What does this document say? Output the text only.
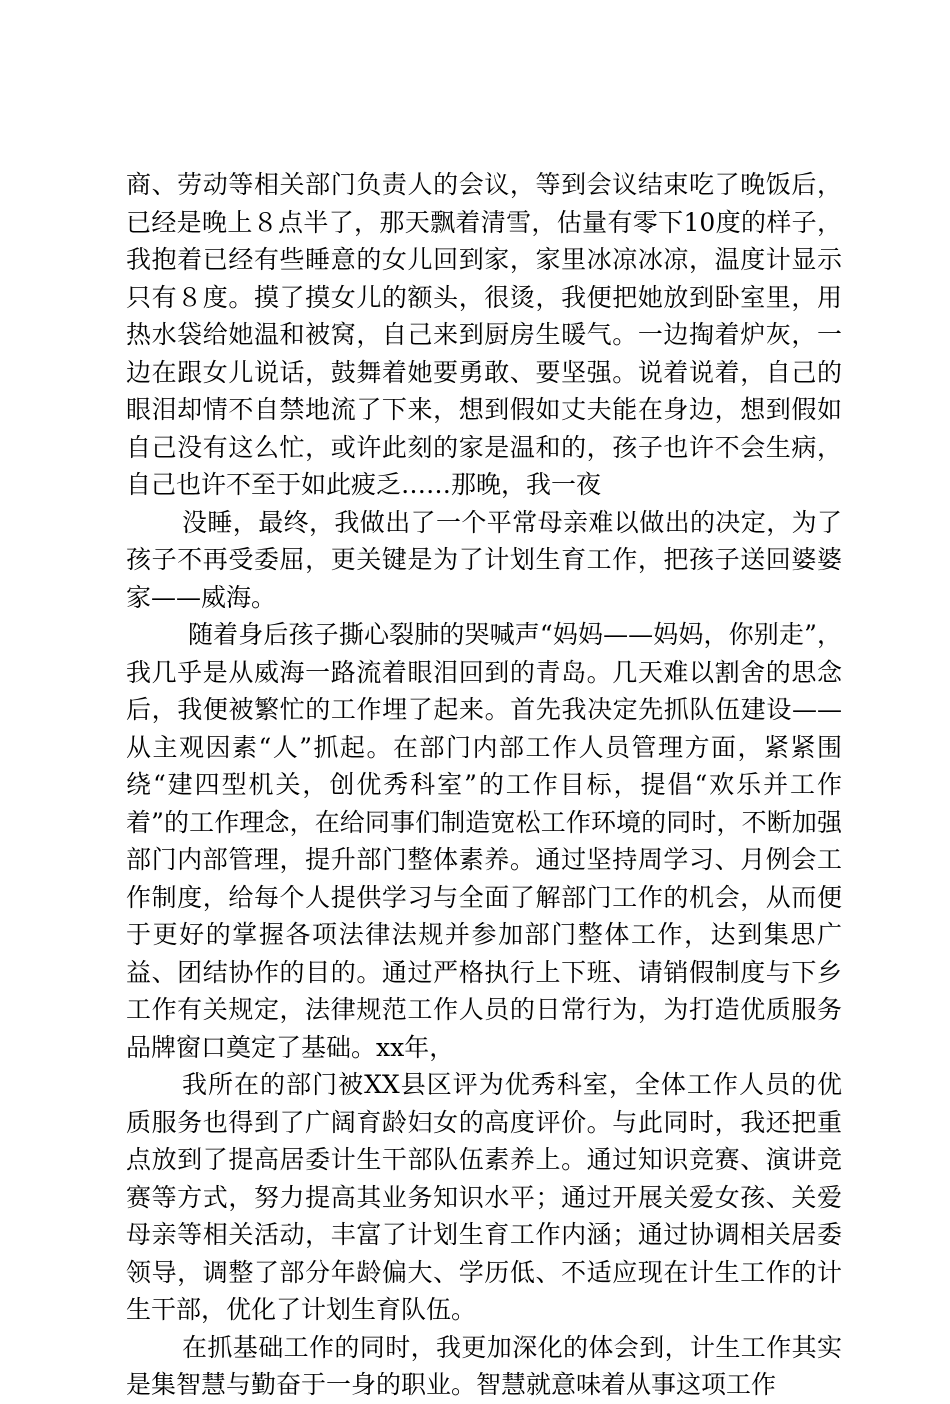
商、劳动等相关部门负责人的会议，等到会议结束吃了晚饭后，已经是晚上８点半了，那天飘着清雪，估量有零下10度的样子，我抱着已经有些睡意的女儿回到家，家里冰凉冰凉，温度计显示只有８度。摸了摸女儿的额头，很烫，我便把她放到卧室里，用热水袋给她温和被窝，自己来到厨房生暖气。一边掏着炉灰，一边在跟女儿说话，鼓舞着她要勇敢、要坚强。说着说着，自己的眼泪却情不自禁地流了下来，想到假如丈夫能在身边，想到假如自己没有这么忙，或许此刻的家是温和的，孩子也许不会生病，自己也许不至于如此疲乏……那晚，我一夜

没睡，最终，我做出了一个平常母亲难以做出的决定，为了孩子不再受委屈，更关键是为了计划生育工作，把孩子送回婆婆家——威海。

随着身后孩子撕心裂肺的哭喊声“妈妈——妈妈，你别走”，我几乎是从威海一路流着眼泪回到的青岛。几天难以割舍的思念后，我便被繁忙的工作埋了起来。首先我决定先抓队伍建设——从主观因素“人”抓起。在部门内部工作人员管理方面，紧紧围绕“建四型机关，创优秀科室”的工作目标，提倡“欢乐并工作着”的工作理念，在给同事们制造宽松工作环境的同时，不断加强部门内部管理，提升部门整体素养。通过坚持周学习、月例会工作制度，给每个人提供学习与全面了解部门工作的机会，从而便于更好的掌握各项法律法规并参加部门整体工作，达到集思广益、团结协作的目的。通过严格执行上下班、请销假制度与下乡工作有关规定，法律规范工作人员的日常行为，为打造优质服务品牌窗口奠定了基础。xx年，

我所在的部门被XX县区评为优秀科室，全体工作人员的优质服务也得到了广阔育龄妇女的高度评价。与此同时，我还把重点放到了提高居委计生干部队伍素养上。通过知识竞赛、演讲竞赛等方式，努力提高其业务知识水平；通过开展关爱女孩、关爱母亲等相关活动，丰富了计划生育工作内涵；通过协调相关居委领导，调整了部分年龄偏大、学历低、不适应现在计生工作的计生干部，优化了计划生育队伍。

在抓基础工作的同时，我更加深化的体会到，计生工作其实是集智慧与勤奋于一身的职业。智慧就意味着从事这项工作
